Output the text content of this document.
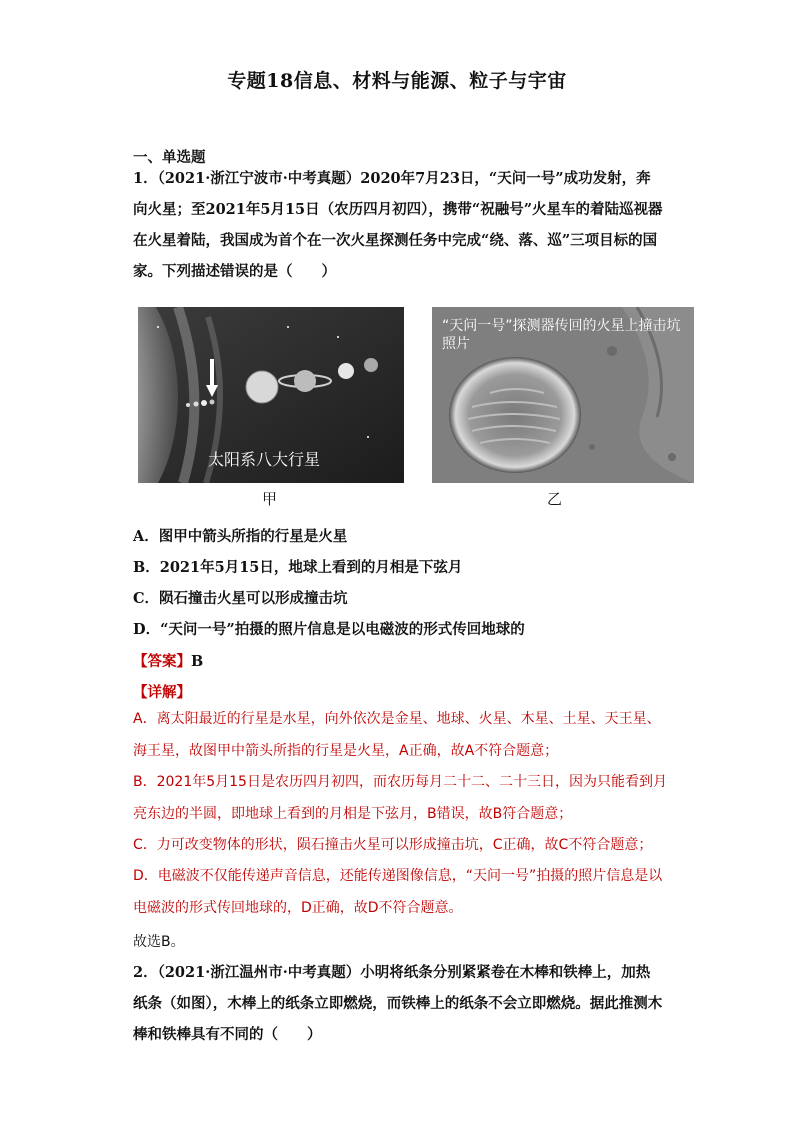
专题18信息、材料与能源、粒子与宇宙
一、单选题
1．（2021·浙江宁波市·中考真题）2020年7月23日，“天问一号”成功发射，奔向火星；至2021年5月15日（农历四月初四），携带“祝融号”火星车的着陆巡视器在火星着陆，我国成为首个在一次火星探测任务中完成“绕、落、巡”三项目标的国家。下列描述错误的是（　　）
太阳系八大行星
“天问一号”探测器传回的火星上撞击坑照片
甲	乙
A．图甲中箭头所指的行星是火星
B．2021年5月15日，地球上看到的月相是下弦月
C．陨石撞击火星可以形成撞击坑
D．“天问一号”拍摄的照片信息是以电磁波的形式传回地球的
【答案】B
【详解】
A．离太阳最近的行星是水星，向外依次是金星、地球、火星、木星、土星、天王星、海王星，故图甲中箭头所指的行星是火星，A正确，故A不符合题意；
B．2021年5月15日是农历四月初四，而农历每月二十二、二十三日，因为只能看到月亮东边的半圆，即地球上看到的月相是下弦月，B错误，故B符合题意；
C．力可改变物体的形状，陨石撞击火星可以形成撞击坑，C正确，故C不符合题意；
D．电磁波不仅能传递声音信息，还能传递图像信息，“天问一号”拍摄的照片信息是以电磁波的形式传回地球的，D正确，故D不符合题意。
故选B。
2．（2021·浙江温州市·中考真题）小明将纸条分别紧紧卷在木棒和铁棒上，加热纸条（如图），木棒上的纸条立即燃烧，而铁棒上的纸条不会立即燃烧。据此推测木棒和铁棒具有不同的（　　）
